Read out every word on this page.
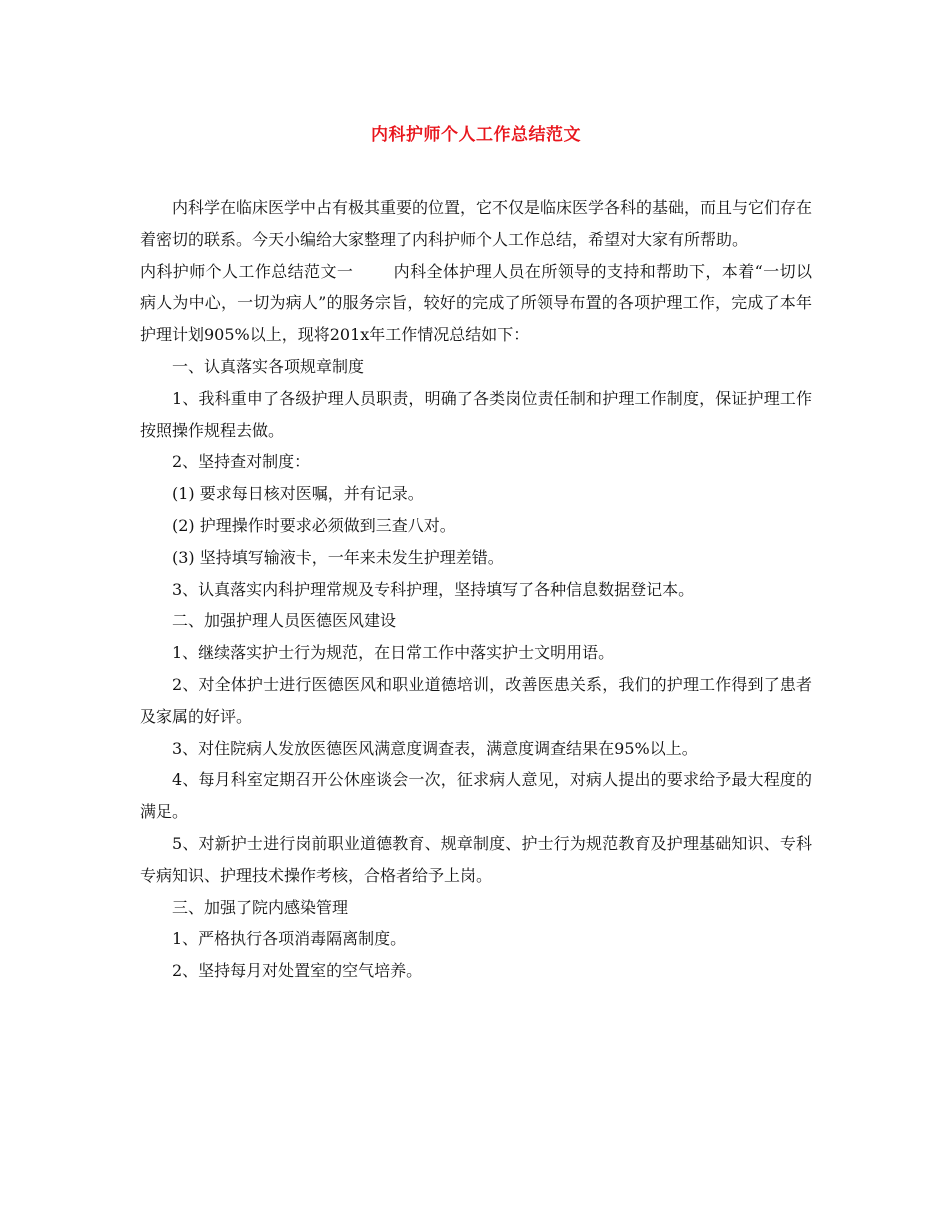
内科护师个人工作总结范文

内科学在临床医学中占有极其重要的位置，它不仅是临床医学各科的基础，而且与它们存在着密切的联系。今天小编给大家整理了内科护师个人工作总结，希望对大家有所帮助。

内科护师个人工作总结范文一	内科全体护理人员在所领导的支持和帮助下，本着“一切以病人为中心，一切为病人”的服务宗旨，较好的完成了所领导布置的各项护理工作，完成了本年护理计划905%以上，现将201x年工作情况总结如下：

一、认真落实各项规章制度

1、我科重申了各级护理人员职责，明确了各类岗位责任制和护理工作制度，保证护理工作按照操作规程去做。

2、坚持查对制度：

(1) 要求每日核对医嘱，并有记录。

(2) 护理操作时要求必须做到三查八对。

(3) 坚持填写输液卡，一年来未发生护理差错。

3、认真落实内科护理常规及专科护理，坚持填写了各种信息数据登记本。

二、加强护理人员医德医风建设

1、继续落实护士行为规范，在日常工作中落实护士文明用语。

2、对全体护士进行医德医风和职业道德培训，改善医患关系，我们的护理工作得到了患者及家属的好评。

3、对住院病人发放医德医风满意度调查表，满意度调查结果在95%以上。

4、每月科室定期召开公休座谈会一次，征求病人意见，对病人提出的要求给予最大程度的满足。

5、对新护士进行岗前职业道德教育、规章制度、护士行为规范教育及护理基础知识、专科专病知识、护理技术操作考核，合格者给予上岗。

三、加强了院内感染管理

1、严格执行各项消毒隔离制度。

2、坚持每月对处置室的空气培养。
